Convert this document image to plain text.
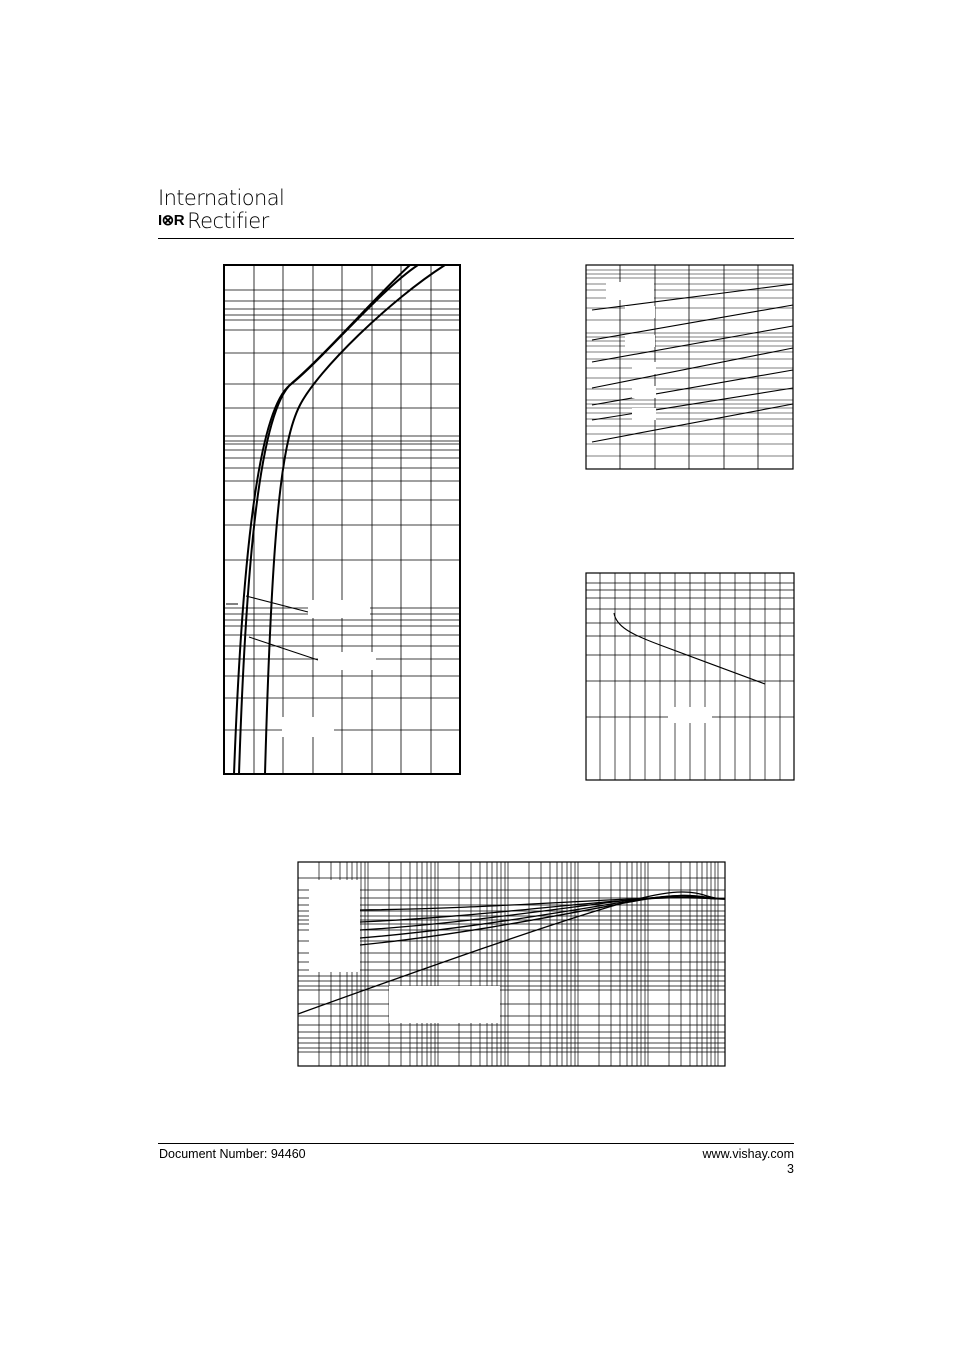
International
I⊗R Rectifier
Document Number: 94460	www.vishay.com
3
